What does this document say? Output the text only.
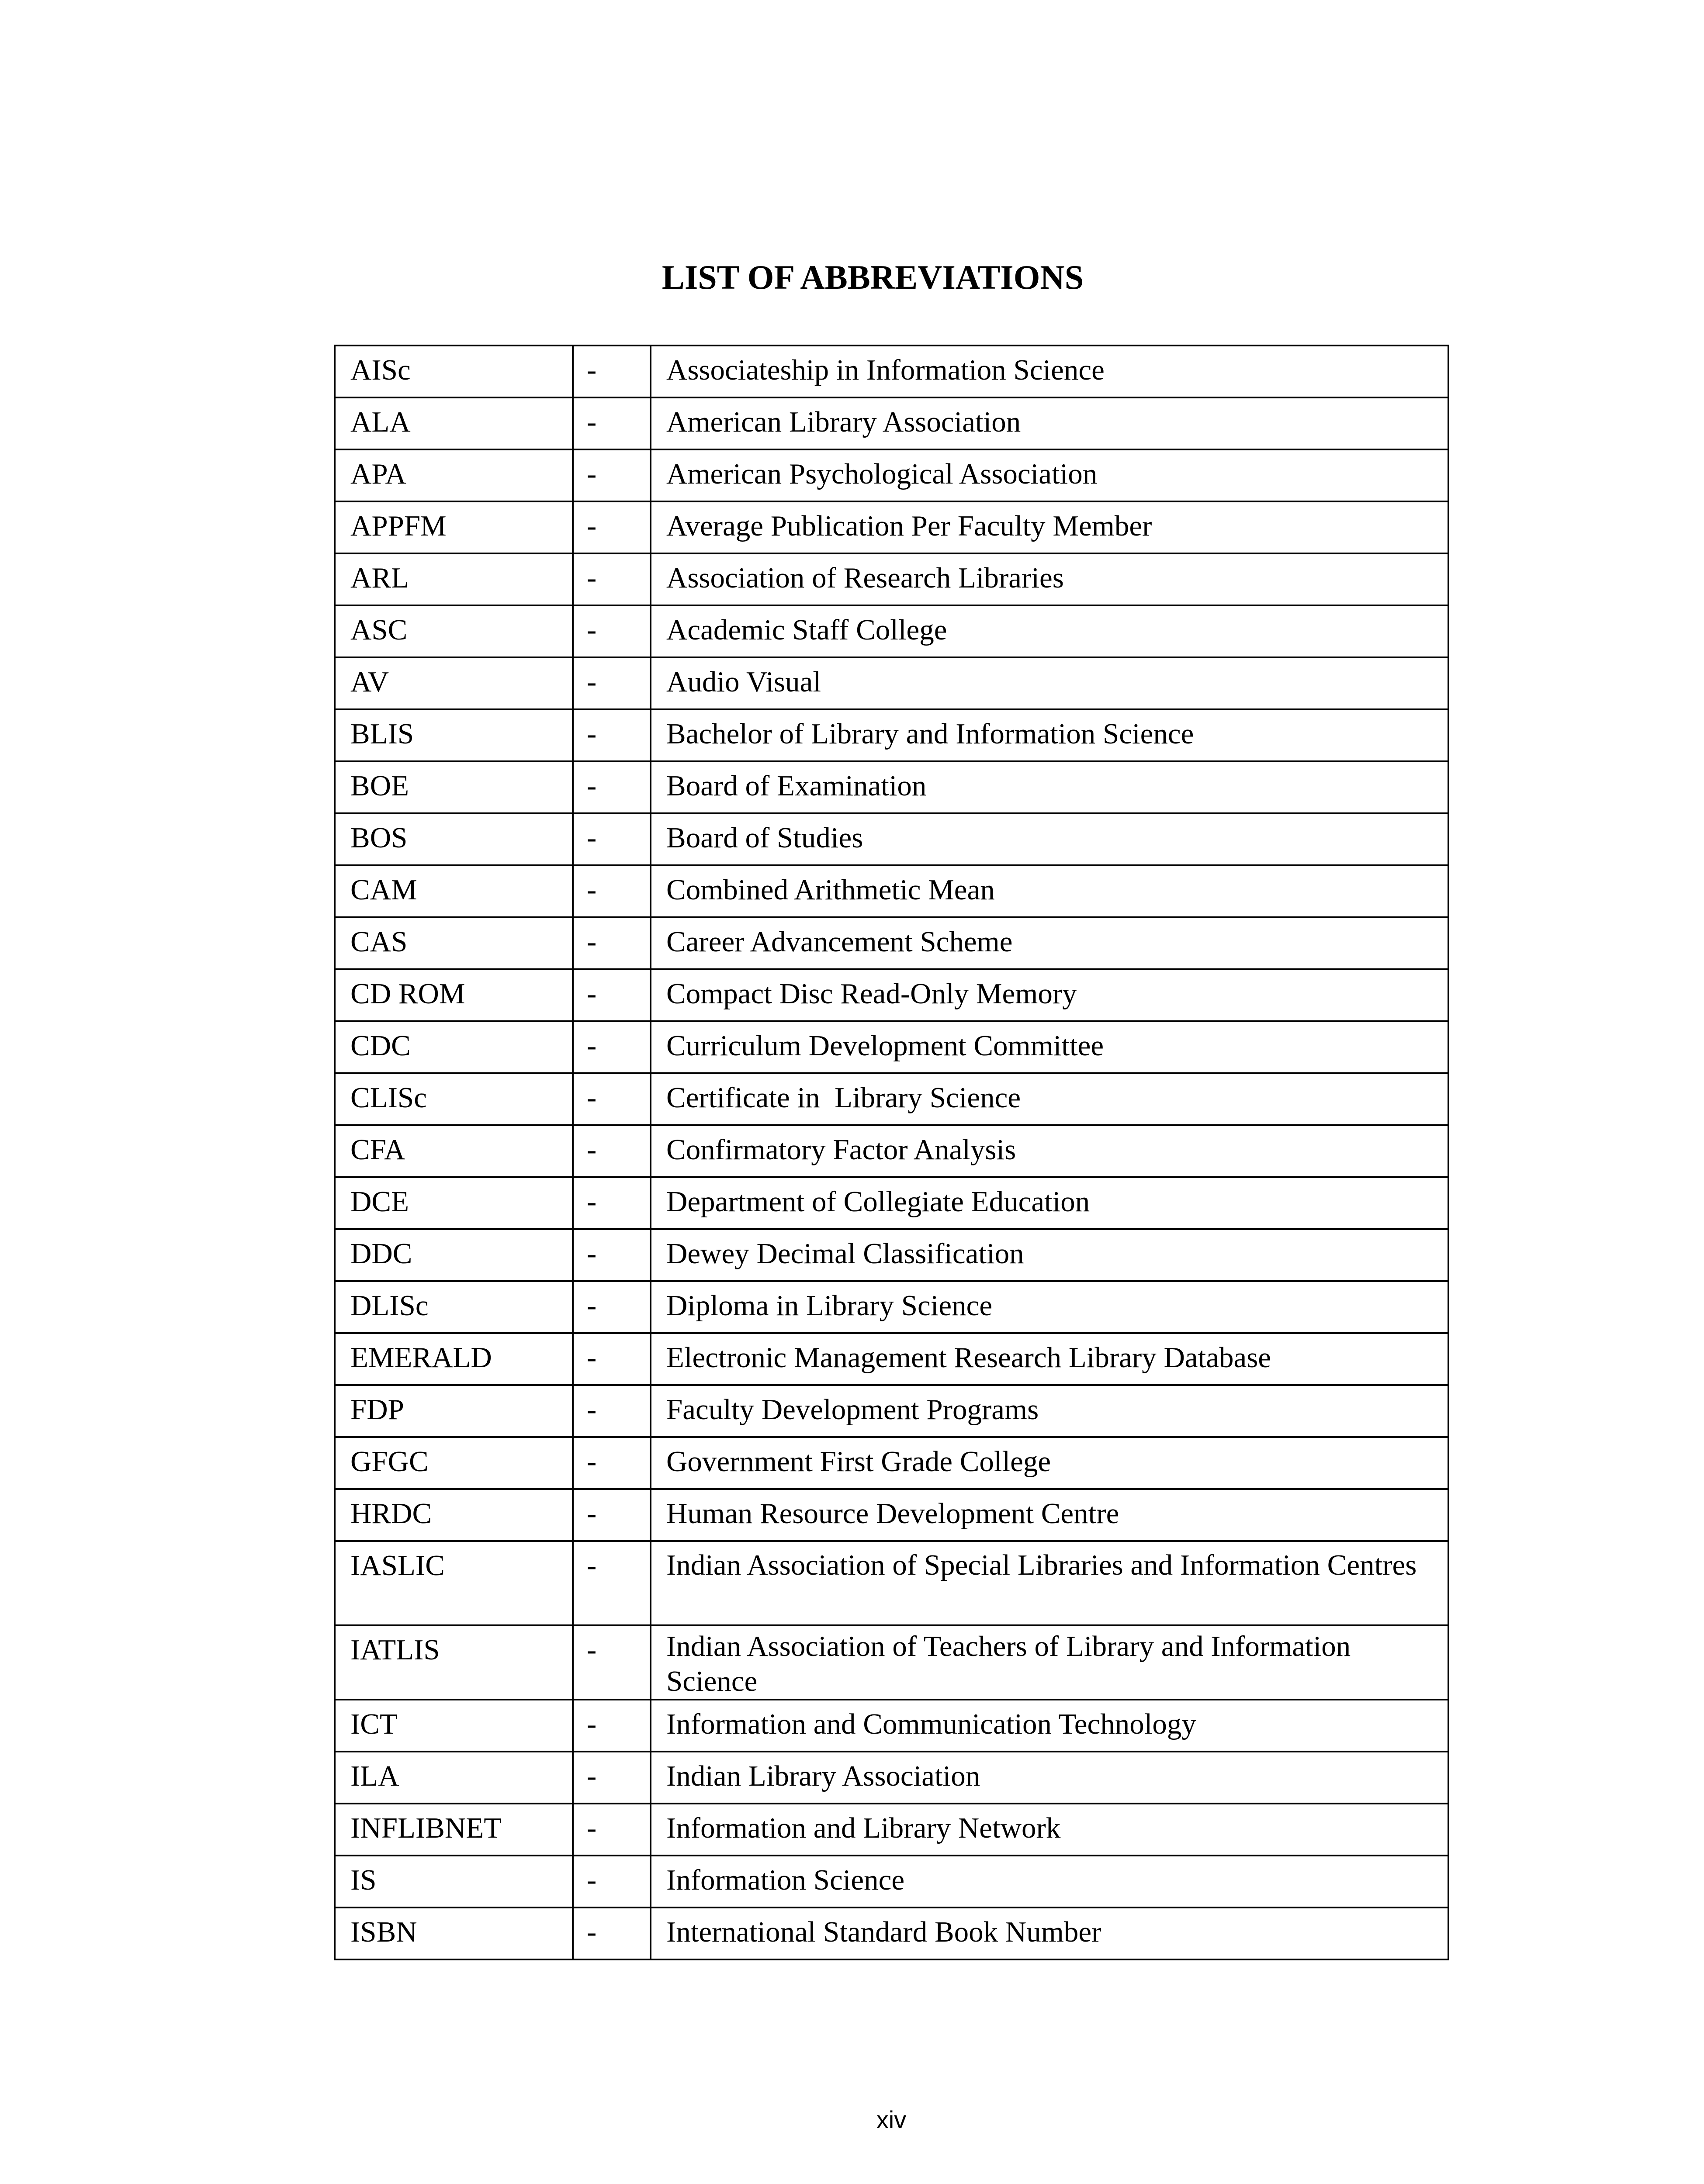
LIST OF ABBREVIATIONS
AISc	-	Associateship in Information Science
ALA	-	American Library Association
APA	-	American Psychological Association
APPFM	-	Average Publication Per Faculty Member
ARL	-	Association of Research Libraries
ASC	-	Academic Staff College
AV	-	Audio Visual
BLIS	-	Bachelor of Library and Information Science
BOE	-	Board of Examination
BOS	-	Board of Studies
CAM	-	Combined Arithmetic Mean
CAS	-	Career Advancement Scheme
CD ROM	-	Compact Disc Read-Only Memory
CDC	-	Curriculum Development Committee
CLISc	-	Certificate in  Library Science
CFA	-	Confirmatory Factor Analysis
DCE	-	Department of Collegiate Education
DDC	-	Dewey Decimal Classification
DLISc	-	Diploma in Library Science
EMERALD	-	Electronic Management Research Library Database
FDP	-	Faculty Development Programs
GFGC	-	Government First Grade College
HRDC	-	Human Resource Development Centre
IASLIC	-	Indian Association of Special Libraries and Information Centres
IATLIS	-	Indian Association of Teachers of Library and Information Science
ICT	-	Information and Communication Technology
ILA	-	Indian Library Association
INFLIBNET	-	Information and Library Network
IS	-	Information Science
ISBN	-	International Standard Book Number
xiv
